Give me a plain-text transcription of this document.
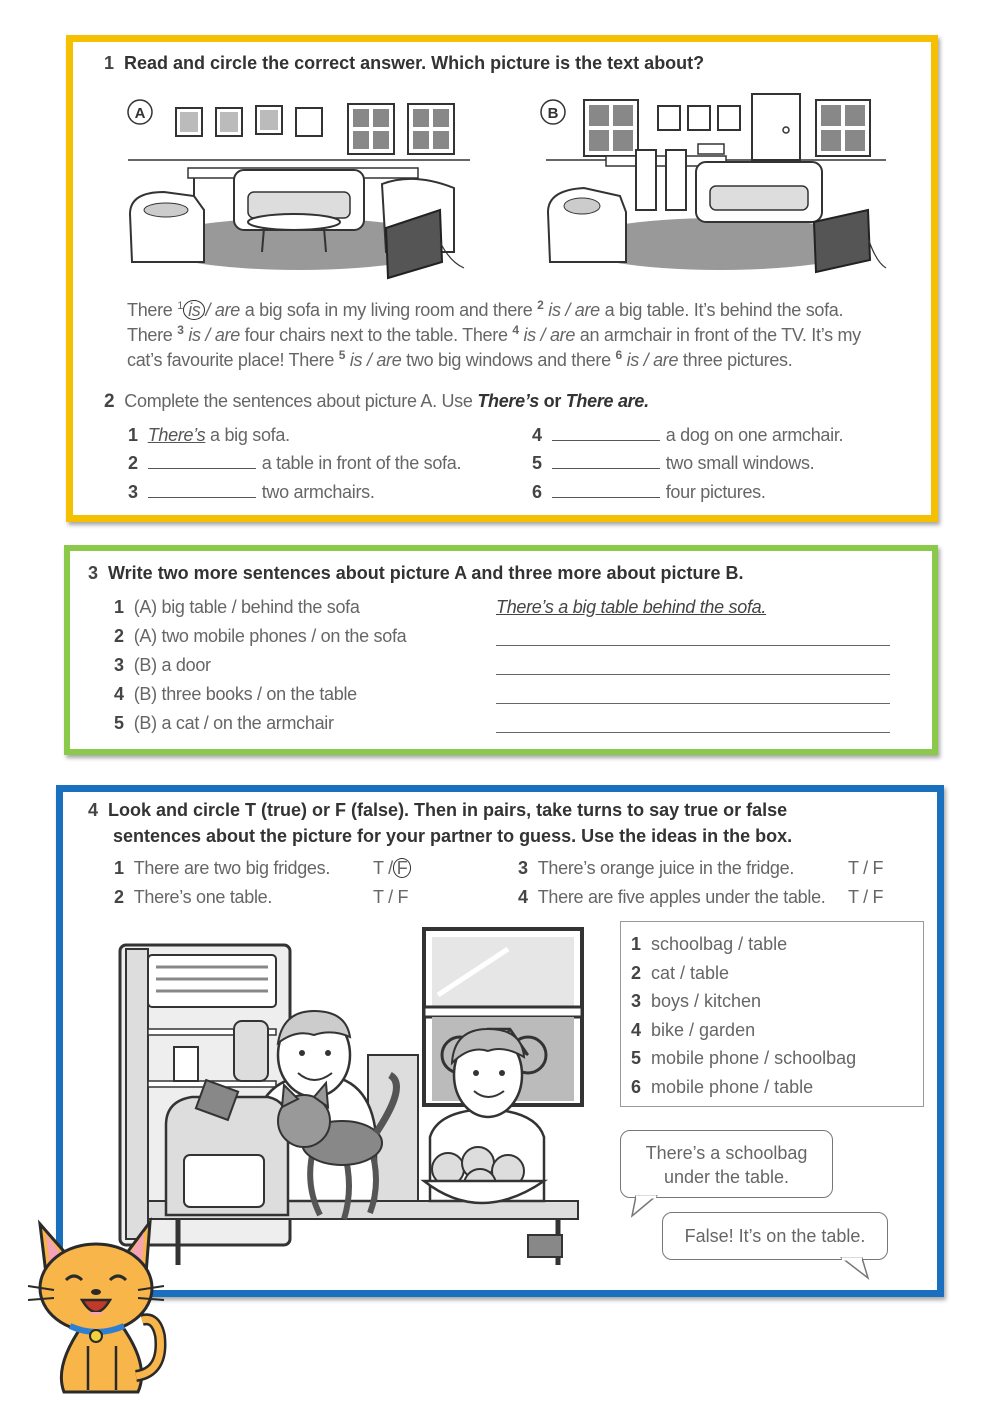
1 Read and circle the correct answer. Which picture is the text about?
A	B
There $^1$ is / are a big sofa in my living room and there $^2$ is / are a big table. It’s behind the sofa.
There $^3$ is / are four chairs next to the table. There $^4$ is / are an armchair in front of the TV. It’s my
cat’s favourite place! There $^5$ is / are two big windows and there $^6$ is / are three pictures.
2 Complete the sentences about picture A. Use There’s or There are.
1 There’s a big sofa.
2	a table in front of the sofa.
3	two armchairs.
4	a dog on one armchair.
5	two small windows.
6	four pictures.
3 Write two more sentences about picture A and three more about picture B.
1 (A) big table / behind the sofa	There’s a big table behind the sofa.
2 (A) two mobile phones / on the sofa
3 (B) a door
4 (B) three books / on the table
5 (B) a cat / on the armchair
4 Look and circle T (true) or F (false). Then in pairs, take turns to say true or false
sentences about the picture for your partner to guess. Use the ideas in the box.
1 There are two big fridges. T / F
2 There’s one table.	T / F
3 There’s orange juice in the fridge.	T / F
4 There are five apples under the table. T / F
1 schoolbag / table
2 cat / table
3 boys / kitchen
4 bike / garden
5 mobile phone / schoolbag
6 mobile phone / table
There’s a schoolbag
under the table.
False! It’s on the table.
